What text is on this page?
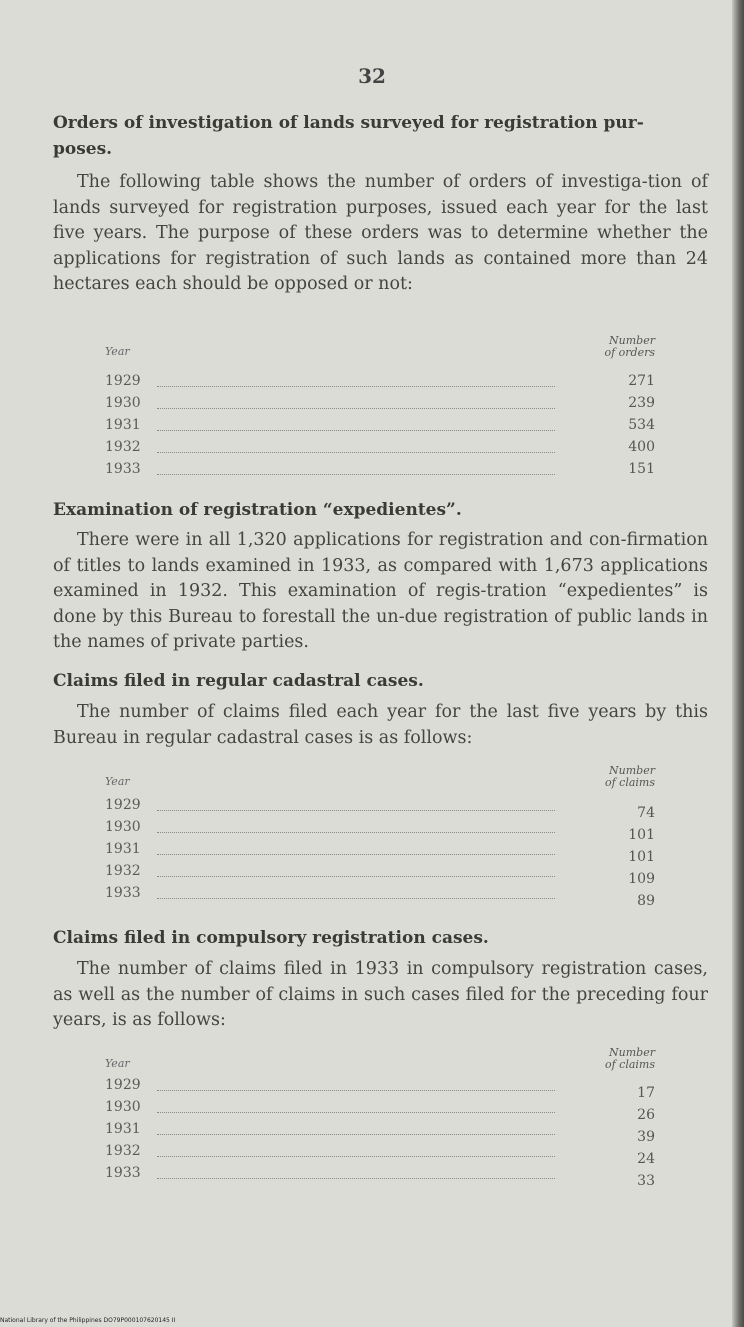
32
Orders of investigation of lands surveyed for registration pur-
poses.
The following table shows the number of orders of investiga-tion of lands surveyed for registration purposes, issued each year for the last five years. The purpose of these orders was to determine whether the applications for registration of such lands as contained more than 24 hectares each should be opposed or not:
Year
Number
of orders
1929	271
1930	239
1931	534
1932	400
1933	151
Examination of registration “expedientes”.
There were in all 1,320 applications for registration and con-firmation of titles to lands examined in 1933, as compared with 1,673 applications examined in 1932. This examination of regis-tration “expedientes” is done by this Bureau to forestall the un-due registration of public lands in the names of private parties.
Claims filed in regular cadastral cases.
The number of claims filed each year for the last five years by this Bureau in regular cadastral cases is as follows:
Year
Number
of claims
1929	74
1930	101
1931	101
1932	109
1933	89
Claims filed in compulsory registration cases.
The number of claims filed in 1933 in compulsory registration cases, as well as the number of claims in such cases filed for the preceding four years, is as follows:
Year
Number
of claims
1929	17
1930	26
1931	39
1932	24
1933	33
National Library of the Philippines DO79P000107620145 II
